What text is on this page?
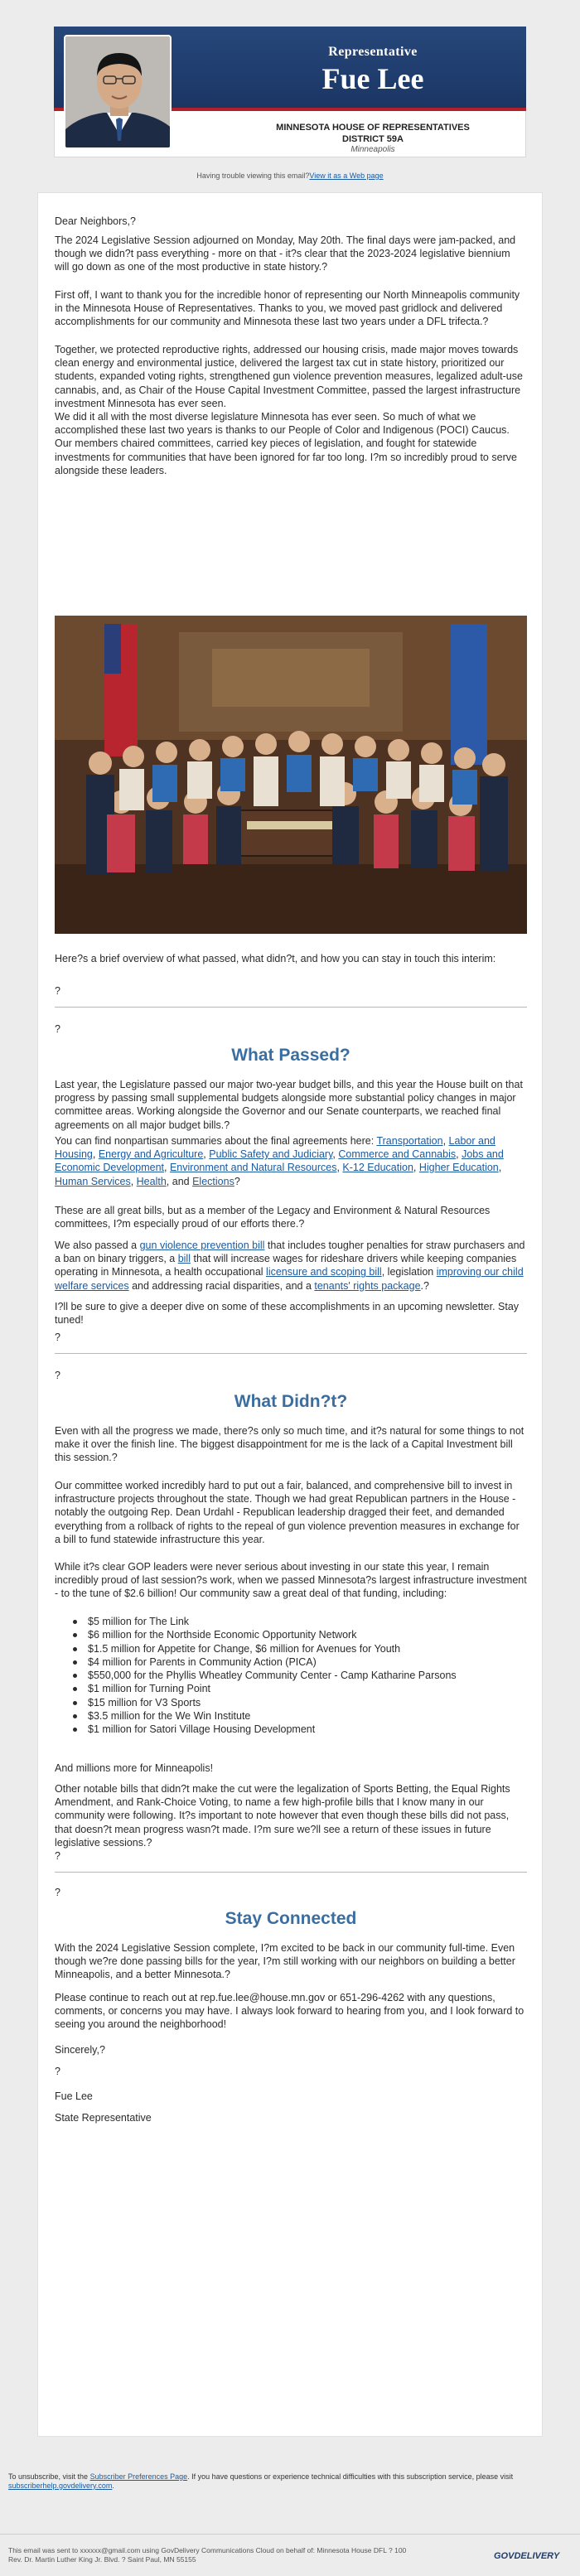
Representative
Fue Lee
MINNESOTA HOUSE OF REPRESENTATIVES
DISTRICT 59A
Minneapolis
Having trouble viewing this email?View it as a Web page
Dear Neighbors,?
The 2024 Legislative Session adjourned on Monday, May 20th. The final days were jam-packed, and though we didn?t pass everything - more on that - it?s clear that the 2023-2024 legislative biennium will go down as one of the most productive in state history.?
First off, I want to thank you for the incredible honor of representing our North Minneapolis community in the Minnesota House of Representatives. Thanks to you, we moved past gridlock and delivered accomplishments for our community and Minnesota these last two years under a DFL trifecta.?
Together, we protected reproductive rights, addressed our housing crisis, made major moves towards clean energy and environmental justice, delivered the largest tax cut in state history, prioritized our students, expanded voting rights, strengthened gun violence prevention measures, legalized adult-use cannabis, and, as Chair of the House Capital Investment Committee, passed the largest infrastructure investment Minnesota has ever seen.
We did it all with the most diverse legislature Minnesota has ever seen. So much of what we accomplished these last two years is thanks to our People of Color and Indigenous (POCI) Caucus. Our members chaired committees, carried key pieces of legislation, and fought for statewide investments for communities that have been ignored for far too long. I?m so incredibly proud to serve alongside these leaders.
Here?s a brief overview of what passed, what didn?t, and how you can stay in touch this interim:
?
?
What Passed?
Last year, the Legislature passed our major two-year budget bills, and this year the House built on that progress by passing small supplemental budgets alongside more substantial policy changes in major committee areas. Working alongside the Governor and our Senate counterparts, we reached final agreements on all major budget bills.?
You can find nonpartisan summaries about the final agreements here: Transportation, Labor and Housing, Energy and Agriculture, Public Safety and Judiciary, Commerce and Cannabis, Jobs and Economic Development, Environment and Natural Resources, K-12 Education, Higher Education, Human Services, Health, and Elections?
These are all great bills, but as a member of the Legacy and Environment & Natural Resources committees, I?m especially proud of our efforts there.?
We also passed a gun violence prevention bill that includes tougher penalties for straw purchasers and a ban on binary triggers, a bill that will increase wages for rideshare drivers while keeping companies operating in Minnesota, a health occupational licensure and scoping bill, legislation improving our child welfare services and addressing racial disparities, and a tenants' rights package.?
I?ll be sure to give a deeper dive on some of these accomplishments in an upcoming newsletter. Stay tuned!
?
?
What Didn?t?
Even with all the progress we made, there?s only so much time, and it?s natural for some things to not make it over the finish line. The biggest disappointment for me is the lack of a Capital Investment bill this session.?
Our committee worked incredibly hard to put out a fair, balanced, and comprehensive bill to invest in infrastructure projects throughout the state. Though we had great Republican partners in the House - notably the outgoing Rep. Dean Urdahl - Republican leadership dragged their feet, and demanded everything from a rollback of rights to the repeal of gun violence prevention measures in exchange for a bill to fund statewide infrastructure this year.
While it?s clear GOP leaders were never serious about investing in our state this year, I remain incredibly proud of last session?s work, when we passed Minnesota?s largest infrastructure investment - to the tune of $2.6 billion! Our community saw a great deal of that funding, including:
$5 million for The Link
$6 million for the Northside Economic Opportunity Network
$1.5 million for Appetite for Change, $6 million for Avenues for Youth
$4 million for Parents in Community Action (PICA)
$550,000 for the Phyllis Wheatley Community Center - Camp Katharine Parsons
$1 million for Turning Point
$15 million for V3 Sports
$3.5 million for the We Win Institute
$1 million for Satori Village Housing Development
And millions more for Minneapolis!
Other notable bills that didn?t make the cut were the legalization of Sports Betting, the Equal Rights Amendment, and Rank-Choice Voting, to name a few high-profile bills that I know many in our community were following. It?s important to note however that even though these bills did not pass, that doesn?t mean progress wasn?t made. I?m sure we?ll see a return of these issues in future legislative sessions.?
?
?
Stay Connected
With the 2024 Legislative Session complete, I?m excited to be back in our community full-time. Even though we?re done passing bills for the year, I?m still working with our neighbors on building a better Minneapolis, and a better Minnesota.?
Please continue to reach out at rep.fue.lee@house.mn.gov or 651-296-4262 with any questions, comments, or concerns you may have. I always look forward to hearing from you, and I look forward to seeing you around the neighborhood!
Sincerely,?
?
Fue Lee
State Representative
To unsubscribe, visit the Subscriber Preferences Page. If you have questions or experience technical difficulties with this subscription service, please visit subscriberhelp.govdelivery.com.
This email was sent to xxxxxx@gmail.com using GovDelivery Communications Cloud on behalf of: Minnesota House DFL ? 100
Rev. Dr. Martin Luther King Jr. Blvd. ? Saint Paul, MN 55155	GOVDELIVERY
